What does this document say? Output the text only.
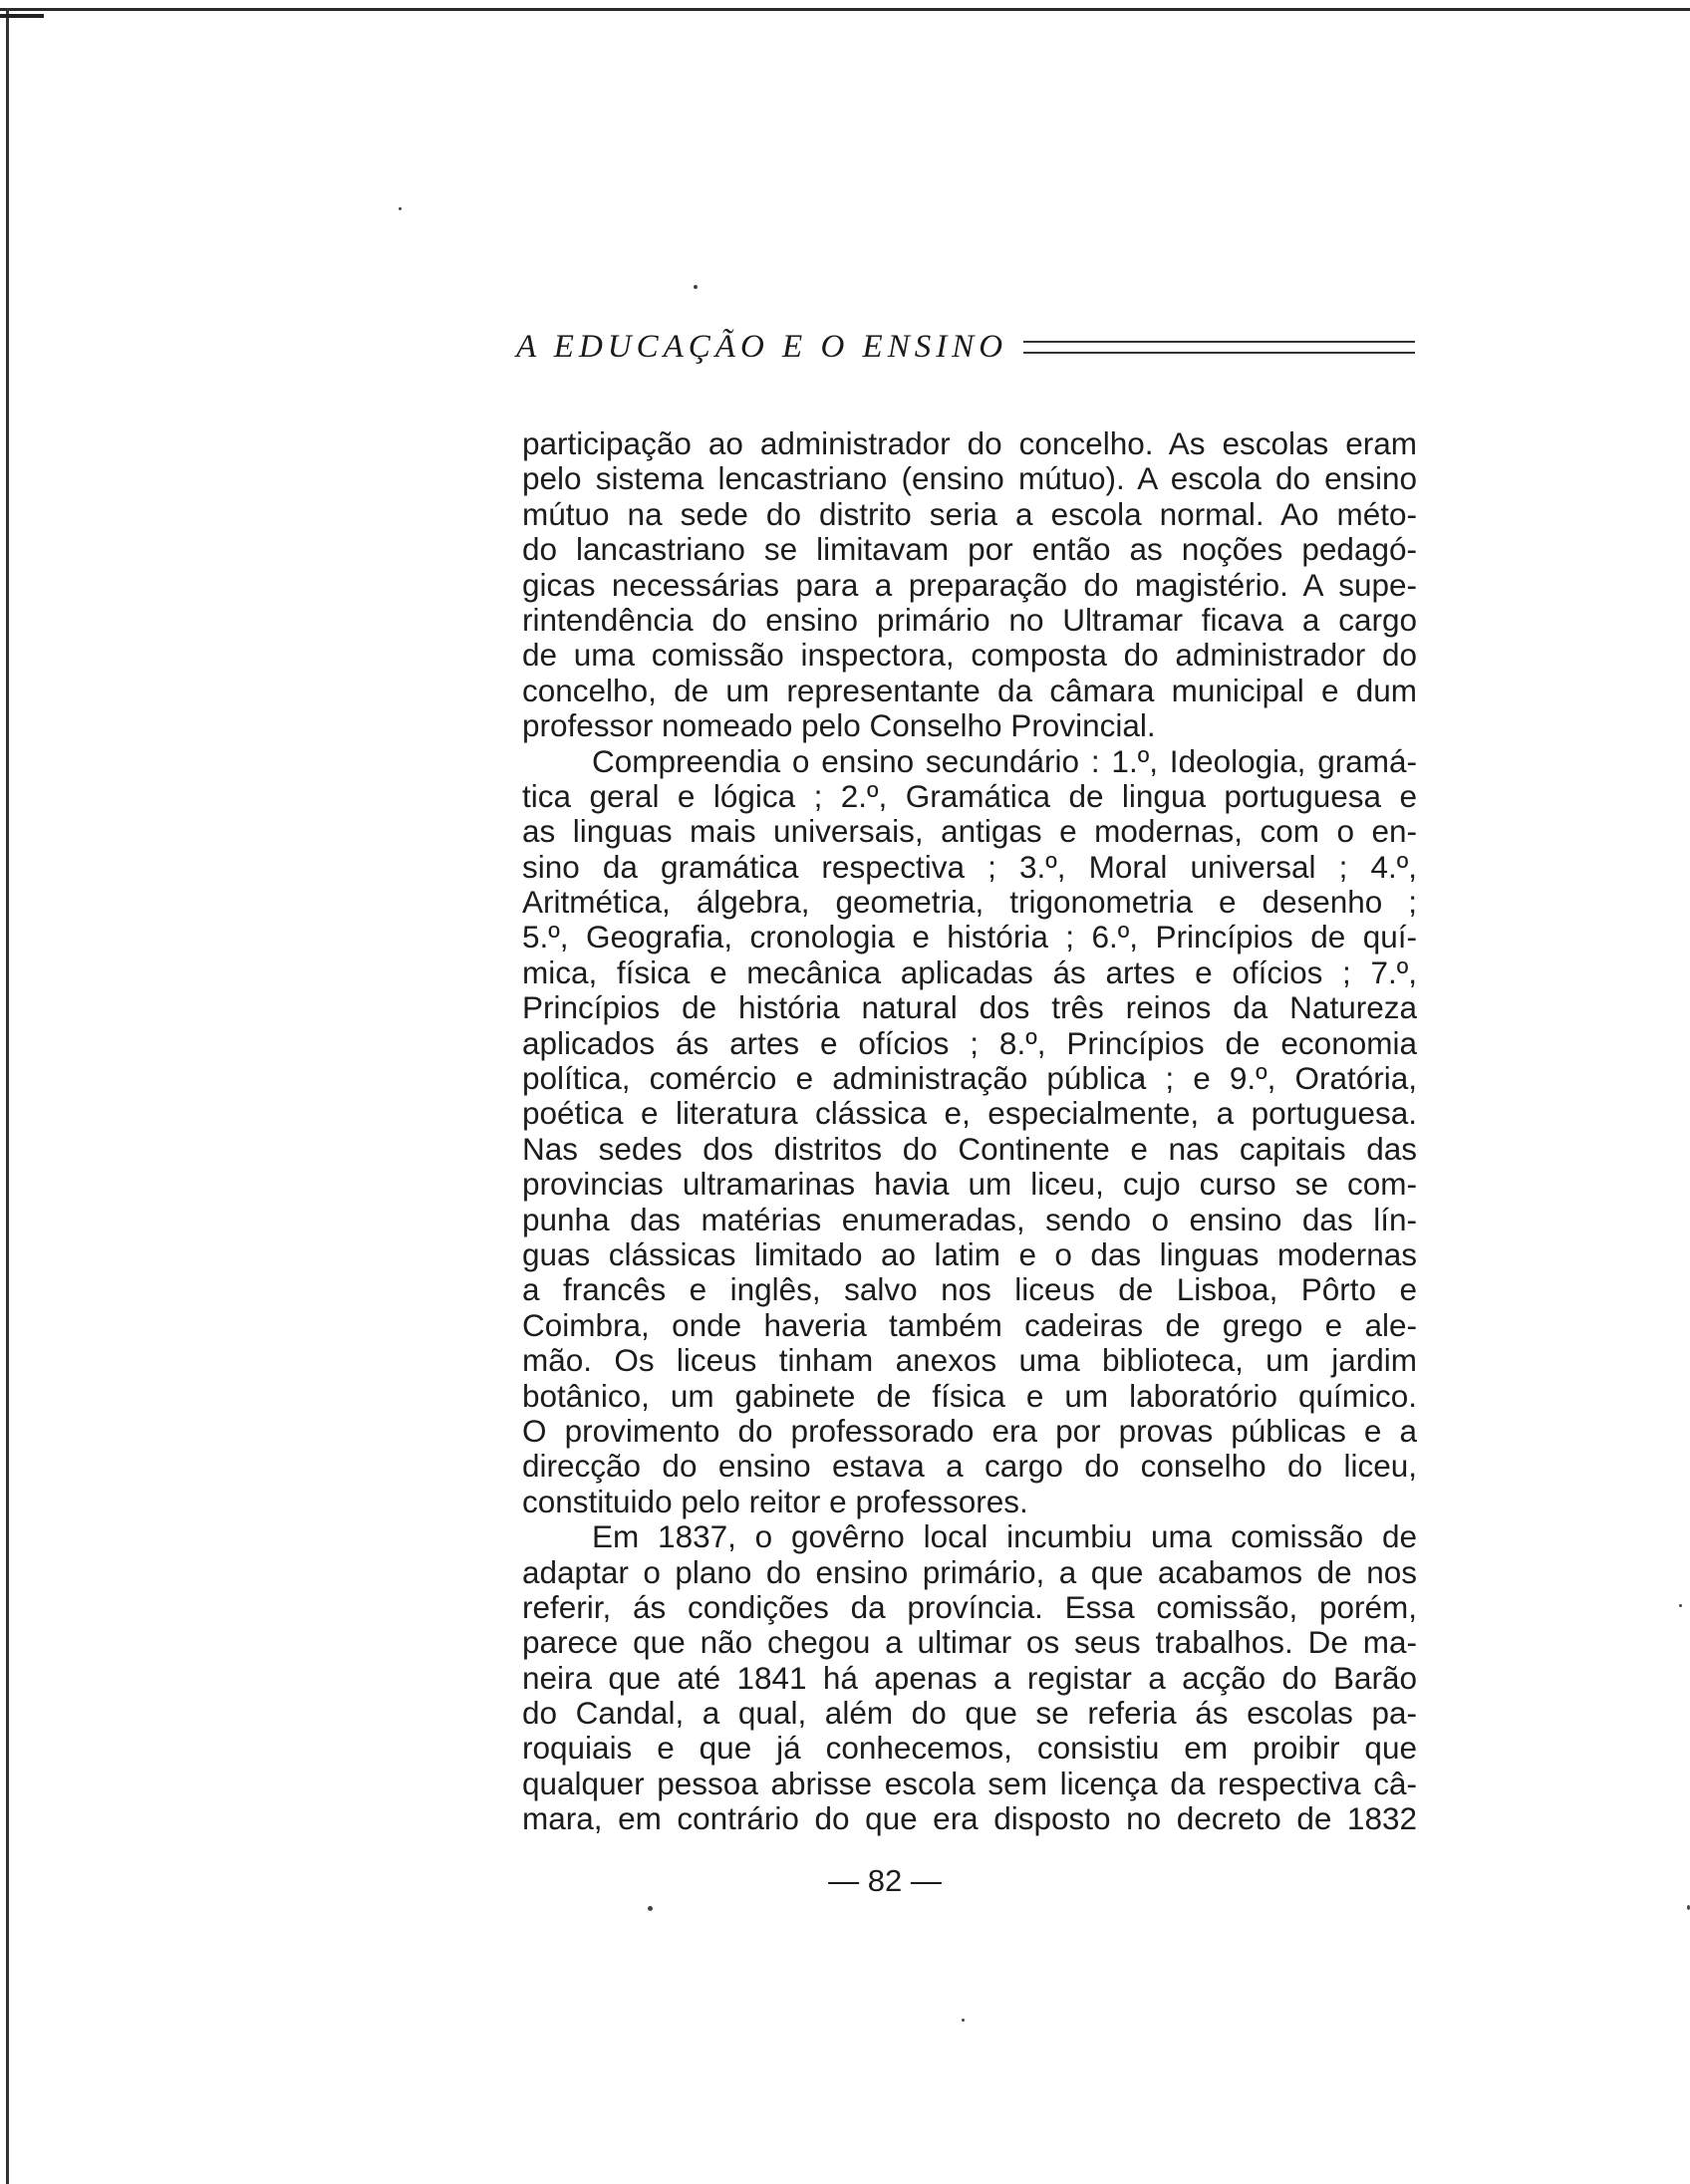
A EDUCAÇÃO E O ENSINO
participação ao administrador do concelho. As escolas eram
pelo sistema lencastriano (ensino mútuo). A escola do ensino
mútuo na sede do distrito seria a escola normal. Ao méto-
do lancastriano se limitavam por então as noções pedagó-
gicas necessárias para a preparação do magistério. A supe-
rintendência do ensino primário no Ultramar ficava a cargo
de uma comissão inspectora, composta do administrador do
concelho, de um representante da câmara municipal e dum
professor nomeado pelo Conselho Provincial.
Compreendia o ensino secundário : 1.º, Ideologia, gramá-
tica geral e lógica ; 2.º, Gramática de lingua portuguesa e
as linguas mais universais, antigas e modernas, com o en-
sino da gramática respectiva ; 3.º, Moral universal ; 4.º,
Aritmética, álgebra, geometria, trigonometria e desenho ;
5.º, Geografia, cronologia e história ; 6.º, Princípios de quí-
mica, física e mecânica aplicadas ás artes e ofícios ; 7.º,
Princípios de história natural dos três reinos da Natureza
aplicados ás artes e ofícios ; 8.º, Princípios de economia
política, comércio e administração pública ; e 9.º, Oratória,
poética e literatura clássica e, especialmente, a portuguesa.
Nas sedes dos distritos do Continente e nas capitais das
provincias ultramarinas havia um liceu, cujo curso se com-
punha das matérias enumeradas, sendo o ensino das lín-
guas clássicas limitado ao latim e o das linguas modernas
a francês e inglês, salvo nos liceus de Lisboa, Pôrto e
Coimbra, onde haveria também cadeiras de grego e ale-
mão. Os liceus tinham anexos uma biblioteca, um jardim
botânico, um gabinete de física e um laboratório químico.
O provimento do professorado era por provas públicas e a
direcção do ensino estava a cargo do conselho do liceu,
constituido pelo reitor e professores.
Em 1837, o govêrno local incumbiu uma comissão de
adaptar o plano do ensino primário, a que acabamos de nos
referir, ás condições da província. Essa comissão, porém,
parece que não chegou a ultimar os seus trabalhos. De ma-
neira que até 1841 há apenas a registar a acção do Barão
do Candal, a qual, além do que se referia ás escolas pa-
roquiais e que já conhecemos, consistiu em proibir que
qualquer pessoa abrisse escola sem licença da respectiva câ-
mara, em contrário do que era disposto no decreto de 1832
— 82 —
